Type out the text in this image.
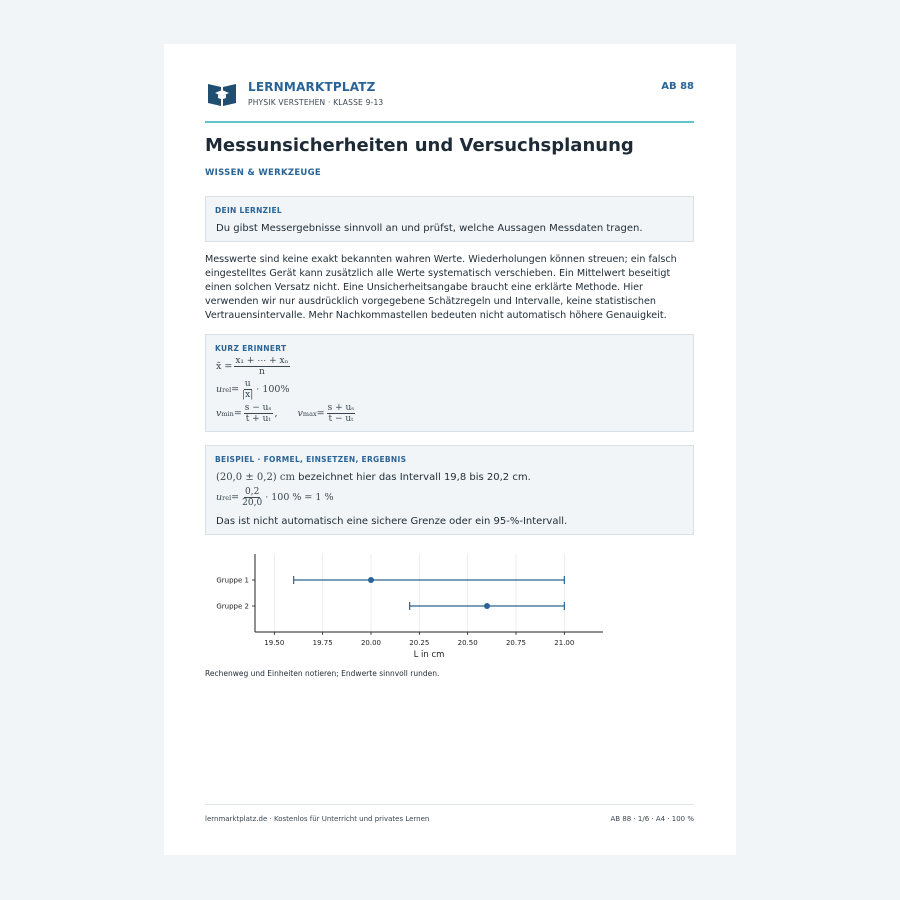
LERNMARKTPLATZ
PHYSIK VERSTEHEN · KLASSE 9-13
AB 88
Messunsicherheiten und Versuchsplanung
WISSEN & WERKZEUGE
DEIN LERNZIEL
Du gibst Messergebnisse sinnvoll an und prüfst, welche Aussagen Messdaten tragen.
Messwerte sind keine exakt bekannten wahren Werte. Wiederholungen können streuen; ein falsch
eingestelltes Gerät kann zusätzlich alle Werte systematisch verschieben. Ein Mittelwert beseitigt
einen solchen Versatz nicht. Eine Unsicherheitsangabe braucht eine erklärte Methode. Hier
verwenden wir nur ausdrücklich vorgegebene Schätzregeln und Intervalle, keine statistischen
Vertrauensintervalle. Mehr Nachkommastellen bedeuten nicht automatisch höhere Genauigkeit.
KURZ ERINNERT
x̄ = $\frac{\text{x₁ + ⋯ + xₙ}}{n}$
u rel = $\frac{u}{|x|} \cdot 100\%$
v $\min = \frac{\text{s − uₛ}}{\text{t + uₜ}}$ , v $\max = \frac{\text{s + uₛ}}{\text{t − uₜ}}$
BEISPIEL · FORMEL, EINSETZEN, ERGEBNIS
(20,0 ± 0,2) cm bezeichnet hier das Intervall 19,8 bis 20,2 cm.
u rel = $\frac{0,2}{20,0} \cdot 100$ % = 1 %
Das ist nicht automatisch eine sichere Grenze oder ein 95-%-Intervall.
Rechenweg und Einheiten notieren; Endwerte sinnvoll runden.
lernmarktplatz.de · Kostenlos für Unterricht und privates Lernen	AB 88 · 1/6 · A4 · 100 %
19.50	19.75	20.00	20.25	20.50	20.75	21.00
Gruppe 1
Gruppe 2
L in cm
